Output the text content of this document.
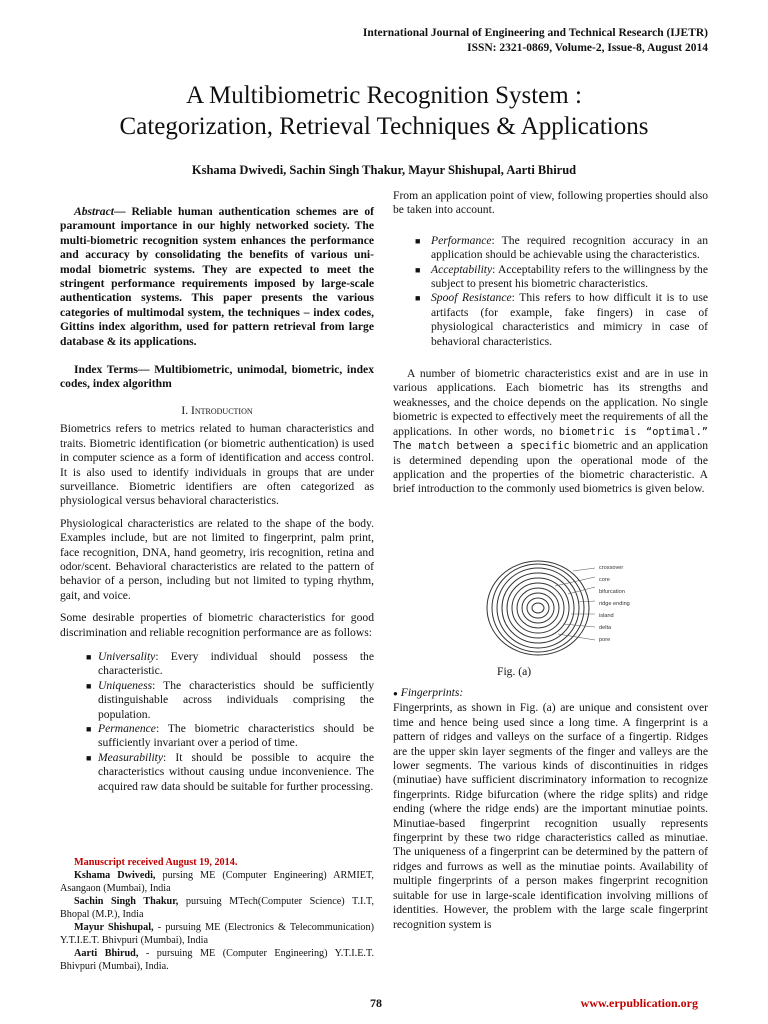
International Journal of Engineering and Technical Research (IJETR)
ISSN: 2321-0869, Volume-2, Issue-8, August 2014
A Multibiometric Recognition System :
Categorization, Retrieval Techniques & Applications
Kshama Dwivedi, Sachin Singh Thakur, Mayur Shishupal, Aarti Bhirud

Abstract— Reliable human authentication schemes are of paramount importance in our highly networked society. The multi-biometric recognition system enhances the performance and accuracy by consolidating the benefits of various uni-modal biometric systems. They are expected to meet the stringent performance requirements imposed by large-scale authentication systems. This paper presents the various categories of multimodal system, the techniques – index codes, Gittins index algorithm, used for pattern retrieval from large database & its applications.

Index Terms— Multibiometric, unimodal, biometric, index codes, index algorithm

I. Introduction

Biometrics refers to metrics related to human characteristics and traits. Biometric identification (or biometric authentication) is used in computer science as a form of identification and access control. It is also used to identify individuals in groups that are under surveillance. Biometric identifiers are often categorized as physiological versus behavioral characteristics.

Physiological characteristics are related to the shape of the body. Examples include, but are not limited to fingerprint, palm print, face recognition, DNA, hand geometry, iris recognition, retina and odor/scent. Behavioral characteristics are related to the pattern of behavior of a person, including but not limited to typing rhythm, gait, and voice.

Some desirable properties of biometric characteristics for good discrimination and reliable recognition performance are as follows:

■ Universality: Every individual should possess the characteristic.
■ Uniqueness: The characteristics should be sufficiently distinguishable across individuals comprising the population.
■ Permanence: The biometric characteristics should be sufficiently invariant over a period of time.
■ Measurability: It should be possible to acquire the characteristics without causing undue inconvenience. The acquired raw data should be suitable for further processing.

Manuscript received August 19, 2014.

Kshama Dwivedi, pursing ME (Computer Engineering) ARMIET, Asangaon (Mumbai), India

Sachin Singh Thakur, pursuing MTech(Computer Science) T.I.T, Bhopal (M.P.), India

Mayur Shishupal, - pursuing ME (Electronics & Telecommunication) Y.T.I.E.T. Bhivpuri (Mumbai), India

Aarti Bhirud, - pursuing ME (Computer Engineering) Y.T.I.E.T. Bhivpuri (Mumbai), India.

From an application point of view, following properties should also be taken into account.

■ Performance: The required recognition accuracy in an application should be achievable using the characteristics.
■ Acceptability: Acceptability refers to the willingness by the subject to present his biometric characteristics.
■ Spoof Resistance: This refers to how difficult it is to use artifacts (for example, fake fingers) in case of physiological characteristics and mimicry in case of behavioral characteristics.

A number of biometric characteristics exist and are in use in various applications. Each biometric has its strengths and weaknesses, and the choice depends on the application. No single biometric is expected to effectively meet the requirements of all the applications. In other words, no biometric is “optimal.” The match between a specific biometric and an application is determined depending upon the operational mode of the application and the properties of the biometric characteristic. A brief introduction to the commonly used biometrics is given below.

crossover
core
bifurcation
ridge ending
island
delta
pore
Fig. (a)

● Fingerprints:

Fingerprints, as shown in Fig. (a) are unique and consistent over time and hence being used since a long time. A fingerprint is a pattern of ridges and valleys on the surface of a fingertip. Ridges are the upper skin layer segments of the finger and valleys are the lower segments. The various kinds of discontinuities in ridges (minutiae) have sufficient discriminatory information to recognize fingerprints. Ridge bifurcation (where the ridge splits) and ridge ending (where the ridge ends) are the important minutiae points. Minutiae-based fingerprint recognition usually represents fingerprint by these two ridge characteristics called as minutiae. The uniqueness of a fingerprint can be determined by the pattern of ridges and furrows as well as the minutiae points. Availability of multiple fingerprints of a person makes fingerprint recognition suitable for use in large-scale identification involving millions of identities. However, the problem with the large scale fingerprint recognition system is

78	www.erpublication.org
